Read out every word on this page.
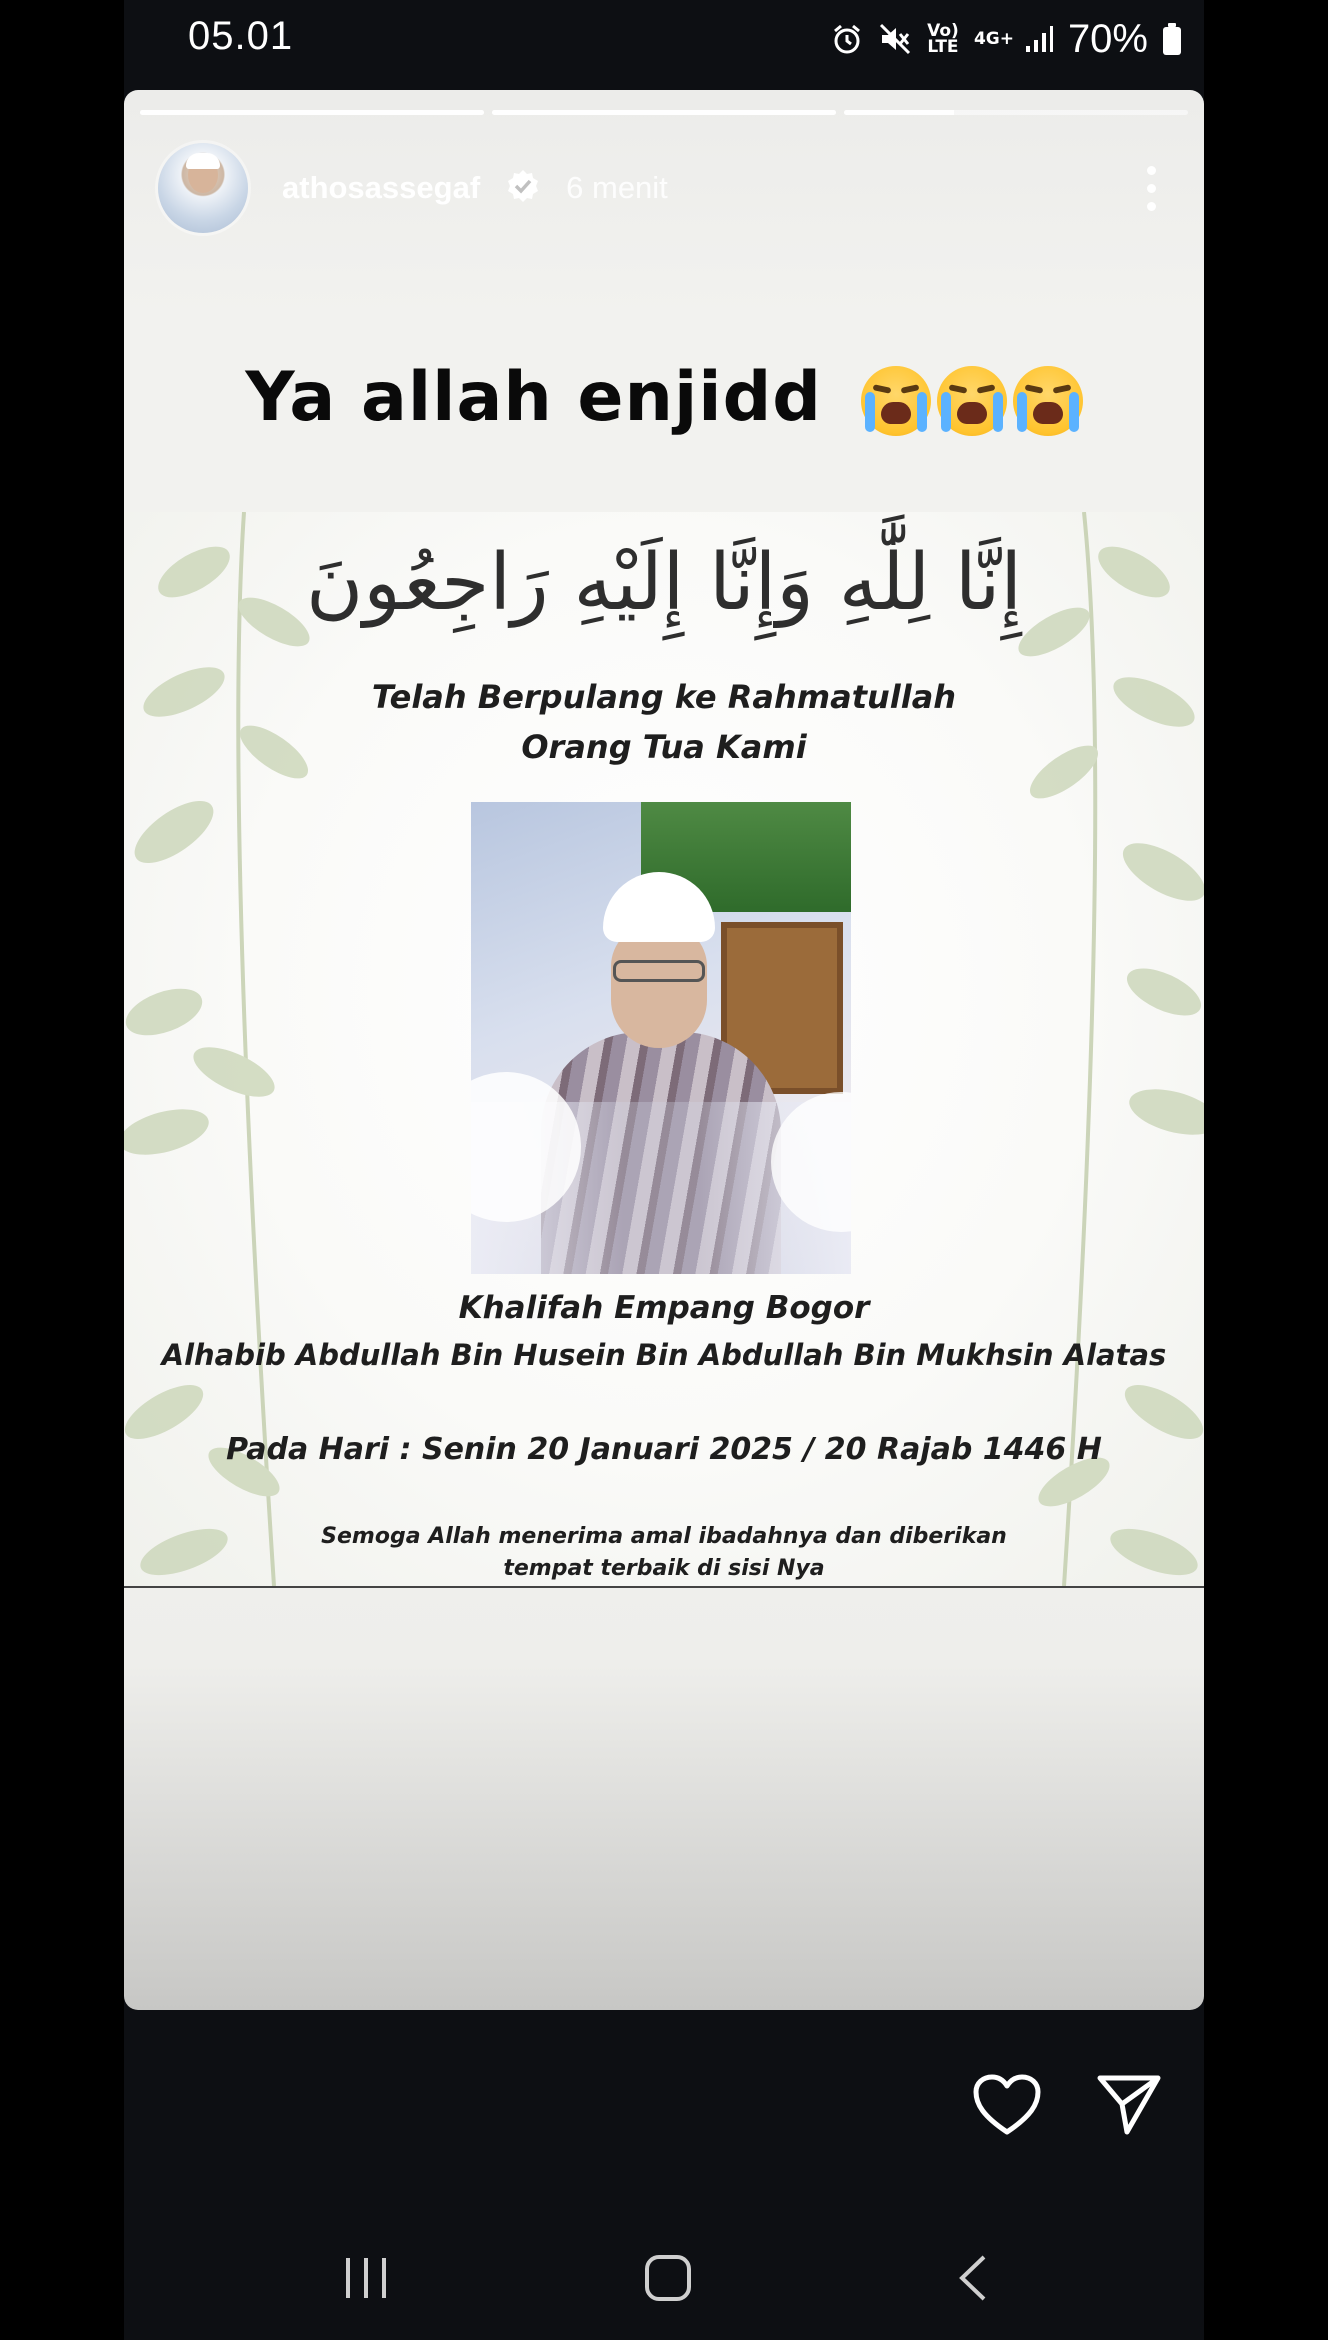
05.01	Vo) LTE 4G+ 70%
athosassegaf	6 menit
Ya allah enjidd
إِنَّا لِلَّٰهِ وَإِنَّا إِلَيْهِ رَاجِعُونَ
Telah Berpulang ke Rahmatullah
Orang Tua Kami
Khalifah Empang Bogor
Alhabib Abdullah Bin Husein Bin Abdullah Bin Mukhsin Alatas
Pada Hari : Senin 20 Januari 2025 / 20 Rajab 1446 H
Semoga Allah menerima amal ibadahnya dan diberikan
tempat terbaik di sisi Nya
